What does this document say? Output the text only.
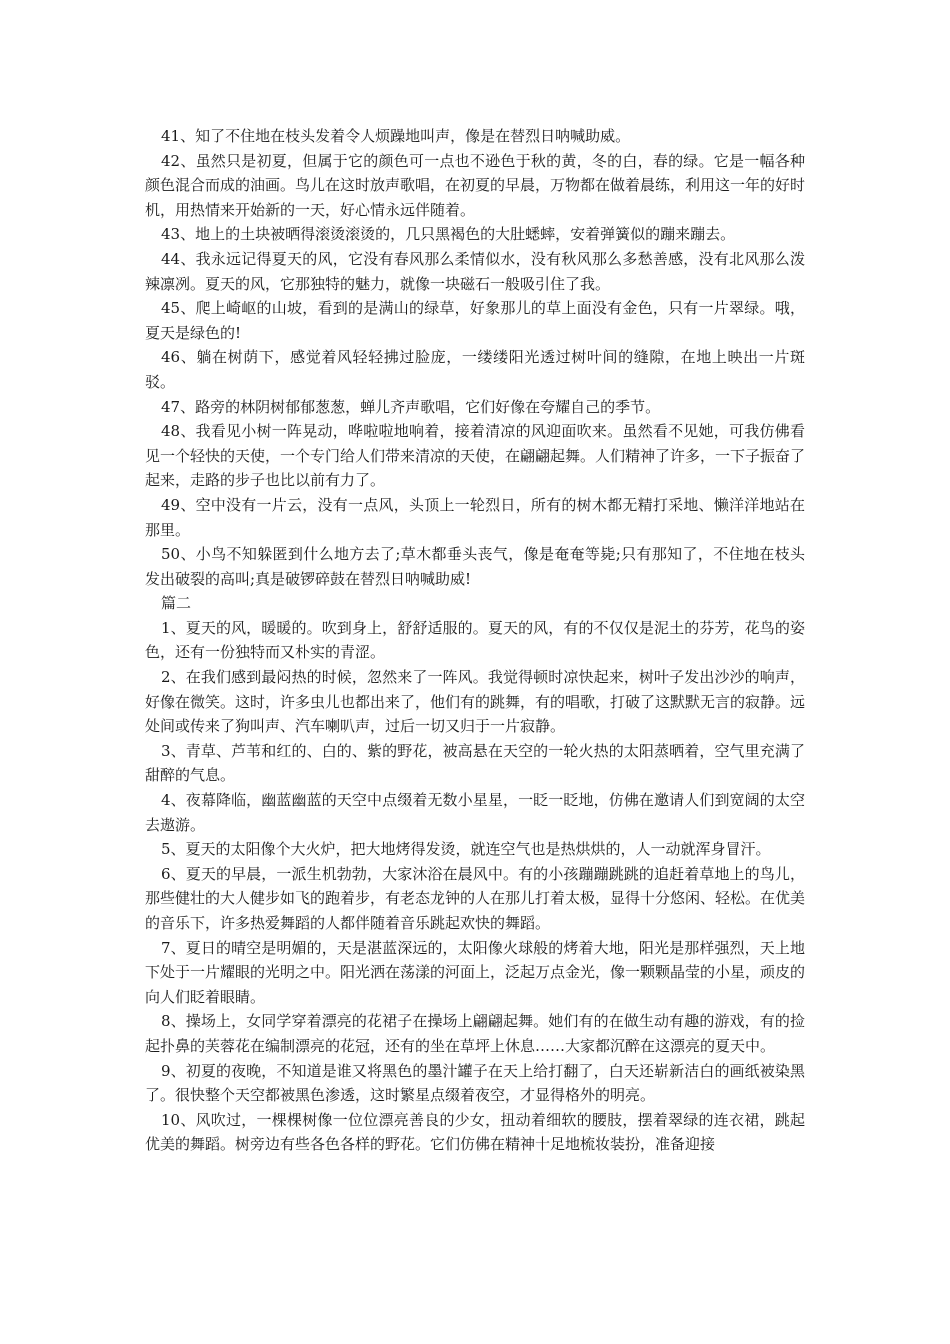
41、知了不住地在枝头发着令人烦躁地叫声，像是在替烈日呐喊助威。

42、虽然只是初夏，但属于它的颜色可一点也不逊色于秋的黄，冬的白，春的绿。它是一幅各种颜色混合而成的油画。鸟儿在这时放声歌唱，在初夏的早晨，万物都在做着晨练，利用这一年的好时机，用热情来开始新的一天，好心情永远伴随着。

43、地上的土块被晒得滚烫滚烫的，几只黑褐色的大肚蟋蟀，安着弹簧似的蹦来蹦去。

44、我永远记得夏天的风，它没有春风那么柔情似水，没有秋风那么多愁善感，没有北风那么泼辣凛冽。夏天的风，它那独特的魅力，就像一块磁石一般吸引住了我。

45、爬上崎岖的山坡，看到的是满山的绿草，好象那儿的草上面没有金色，只有一片翠绿。哦，夏天是绿色的!

46、躺在树荫下，感觉着风轻轻拂过脸庞，一缕缕阳光透过树叶间的缝隙，在地上映出一片斑驳。

47、路旁的林阴树郁郁葱葱，蝉儿齐声歌唱，它们好像在夸耀自己的季节。

48、我看见小树一阵晃动，哗啦啦地响着，接着清凉的风迎面吹来。虽然看不见她，可我仿佛看见一个轻快的天使，一个专门给人们带来清凉的天使，在翩翩起舞。人们精神了许多，一下子振奋了起来，走路的步子也比以前有力了。

49、空中没有一片云，没有一点风，头顶上一轮烈日，所有的树木都无精打采地、懒洋洋地站在那里。

50、小鸟不知躲匿到什么地方去了;草木都垂头丧气，像是奄奄等毙;只有那知了，不住地在枝头发出破裂的高叫;真是破锣碎鼓在替烈日呐喊助威!

篇二

1、夏天的风，暖暖的。吹到身上，舒舒适服的。夏天的风，有的不仅仅是泥土的芬芳，花鸟的姿色，还有一份独特而又朴实的青涩。

2、在我们感到最闷热的时候，忽然来了一阵风。我觉得顿时凉快起来，树叶子发出沙沙的响声，好像在微笑。这时，许多虫儿也都出来了，他们有的跳舞，有的唱歌，打破了这默默无言的寂静。远处间或传来了狗叫声、汽车喇叭声，过后一切又归于一片寂静。

3、青草、芦苇和红的、白的、紫的野花，被高悬在天空的一轮火热的太阳蒸晒着，空气里充满了甜醉的气息。

4、夜幕降临，幽蓝幽蓝的天空中点缀着无数小星星，一眨一眨地，仿佛在邀请人们到宽阔的太空去遨游。

5、夏天的太阳像个大火炉，把大地烤得发烫，就连空气也是热烘烘的，人一动就浑身冒汗。

6、夏天的早晨，一派生机勃勃，大家沐浴在晨风中。有的小孩蹦蹦跳跳的追赶着草地上的鸟儿，那些健壮的大人健步如飞的跑着步，有老态龙钟的人在那儿打着太极，显得十分悠闲、轻松。在优美的音乐下，许多热爱舞蹈的人都伴随着音乐跳起欢快的舞蹈。

7、夏日的晴空是明媚的，天是湛蓝深远的，太阳像火球般的烤着大地，阳光是那样强烈，天上地下处于一片耀眼的光明之中。阳光洒在荡漾的河面上，泛起万点金光，像一颗颗晶莹的小星，顽皮的向人们眨着眼睛。

8、操场上，女同学穿着漂亮的花裙子在操场上翩翩起舞。她们有的在做生动有趣的游戏，有的捡起扑鼻的芙蓉花在编制漂亮的花冠，还有的坐在草坪上休息……大家都沉醉在这漂亮的夏天中。

9、初夏的夜晚，不知道是谁又将黑色的墨汁罐子在天上给打翻了，白天还崭新洁白的画纸被染黑了。很快整个天空都被黑色渗透，这时繁星点缀着夜空，才显得格外的明亮。

10、风吹过，一棵棵树像一位位漂亮善良的少女，扭动着细软的腰肢，摆着翠绿的连衣裙，跳起优美的舞蹈。树旁边有些各色各样的野花。它们仿佛在精神十足地梳妆装扮，准备迎接
